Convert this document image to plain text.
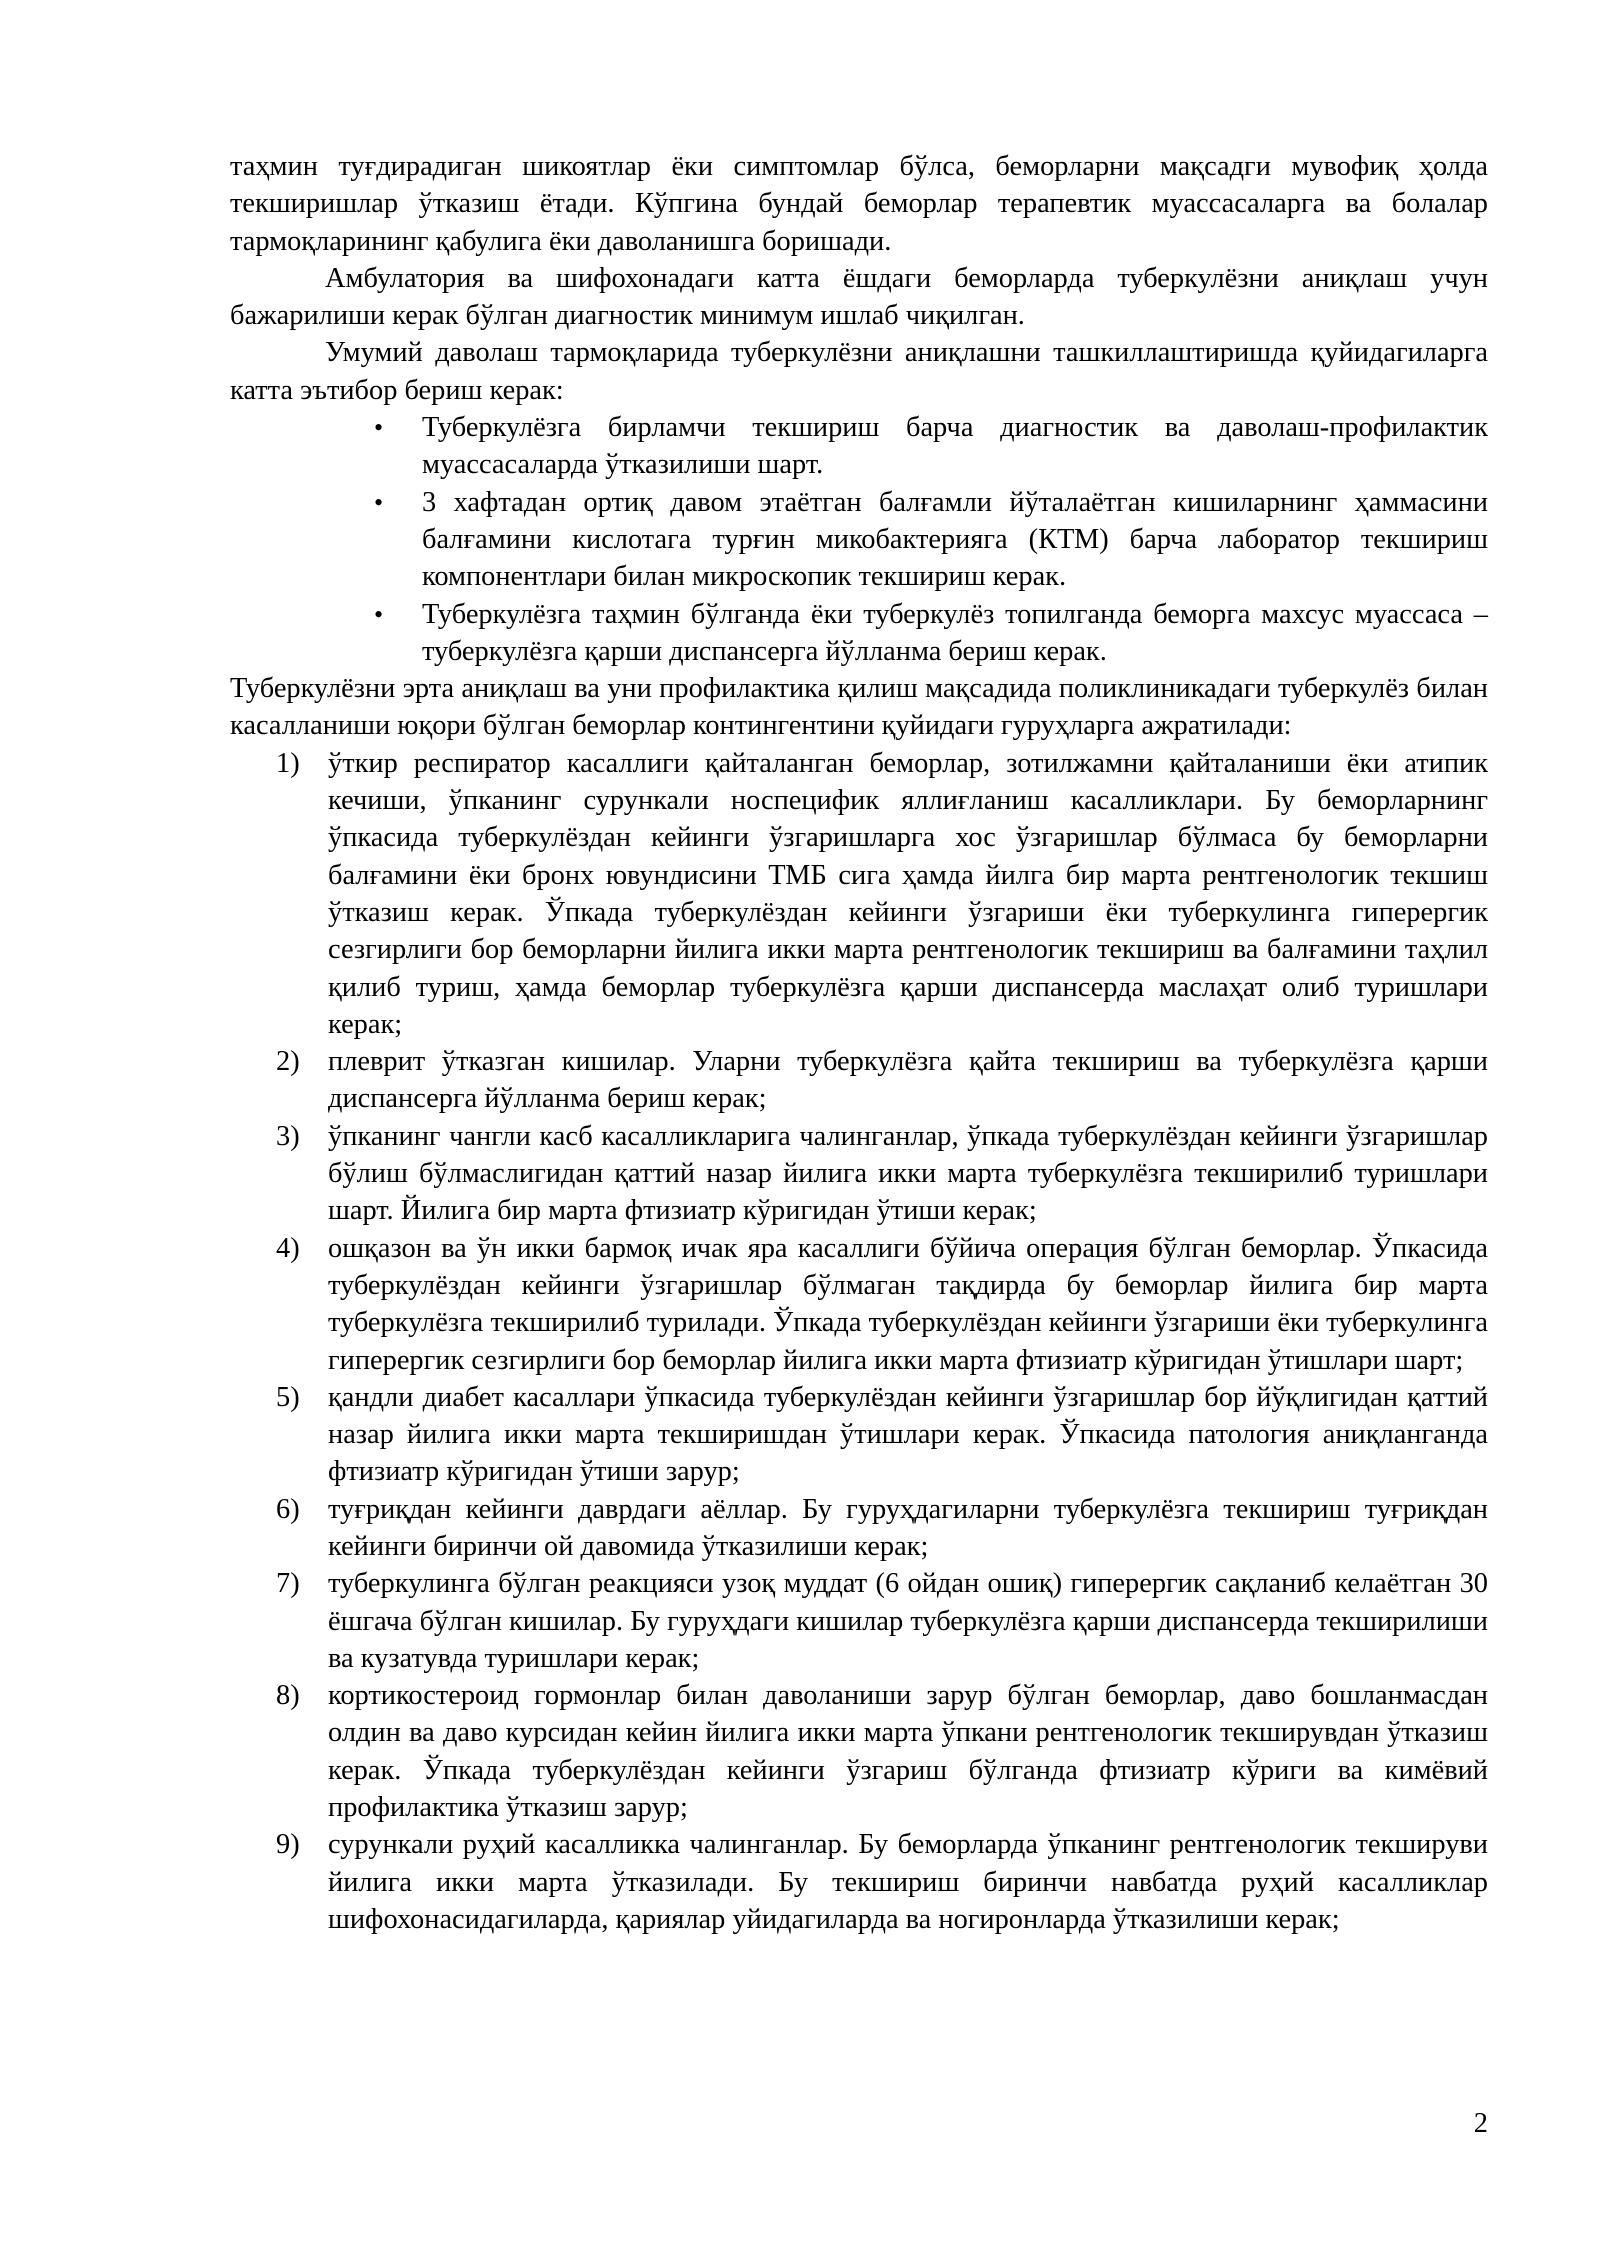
таҳмин туғдирадиган шикоятлар ёки симптомлар бўлса, беморларни мақсадги мувофиқ ҳолда текширишлар ўтказиш ётади. Кўпгина бундай беморлар терапевтик муассасаларга ва болалар тармоқларининг қабулига ёки даволанишга боришади.

Амбулатория ва шифохонадаги катта ёшдаги беморларда туберкулёзни аниқлаш учун бажарилиши керак бўлган диагностик минимум ишлаб чиқилган.

Умумий даволаш тармоқларида туберкулёзни аниқлашни ташкиллаштиришда қуйидагиларга катта эътибор бериш керак:

• Туберкулёзга бирламчи текшириш барча диагностик ва даволаш-профилактик муассасаларда ўтказилиши шарт.
• 3 хафтадан ортиқ давом этаётган балғамли йўталаётган кишиларнинг ҳаммасини балғамини кислотага турғин микобактерияга (КТМ) барча лаборатор текшириш компонентлари билан микроскопик текшириш керак.
• Туберкулёзга таҳмин бўлганда ёки туберкулёз топилганда беморга махсус муассаса – туберкулёзга қарши диспансерга йўлланма бериш керак.

Туберкулёзни эрта аниқлаш ва уни профилактика қилиш мақсадида поликлиникадаги туберкулёз билан касалланиши юқори бўлган беморлар контингентини қуйидаги гуруҳларга ажратилади:

1) ўткир респиратор касаллиги қайталанган беморлар, зотилжамни қайталаниши ёки атипик кечиши, ўпканинг сурункали носпецифик яллиғланиш касалликлари. Бу беморларнинг ўпкасида туберкулёздан кейинги ўзгаришларга хос ўзгаришлар бўлмаса бу беморларни балғамини ёки бронх ювундисини ТМБ сига ҳамда йилга бир марта рентгенологик текшиш ўтказиш керак. Ўпкада туберкулёздан кейинги ўзгариши ёки туберкулинга гиперергик сезгирлиги бор беморларни йилига икки марта рентгенологик текшириш ва балғамини таҳлил қилиб туриш, ҳамда беморлар туберкулёзга қарши диспансерда маслаҳат олиб туришлари керак;
2) плеврит ўтказган кишилар. Уларни туберкулёзга қайта текшириш ва туберкулёзга қарши диспансерга йўлланма бериш керак;
3) ўпканинг чангли касб касалликларига чалинганлар, ўпкада туберкулёздан кейинги ўзгаришлар бўлиш бўлмаслигидан қаттий назар йилига икки марта туберкулёзга текширилиб туришлари шарт. Йилига бир марта фтизиатр кўригидан ўтиши керак;
4) ошқазон ва ўн икки бармоқ ичак яра касаллиги бўйича операция бўлган беморлар. Ўпкасида туберкулёздан кейинги ўзгаришлар бўлмаган тақдирда бу беморлар йилига бир марта туберкулёзга текширилиб турилади. Ўпкада туберкулёздан кейинги ўзгариши ёки туберкулинга гиперергик сезгирлиги бор беморлар йилига икки марта фтизиатр кўригидан ўтишлари шарт;
5) қандли диабет касаллари ўпкасида туберкулёздан кейинги ўзгаришлар бор йўқлигидан қаттий назар йилига икки марта текширишдан ўтишлари керак. Ўпкасида патология аниқланганда фтизиатр кўригидан ўтиши зарур;
6) туғриқдан кейинги даврдаги аёллар. Бу гуруҳдагиларни туберкулёзга текшириш туғриқдан кейинги биринчи ой давомида ўтказилиши керак;
7) туберкулинга бўлган реакцияси узоқ муддат (6 ойдан ошиқ) гиперергик сақланиб келаётган 30 ёшгача бўлган кишилар. Бу гуруҳдаги кишилар туберкулёзга қарши диспансерда текширилиши ва кузатувда туришлари керак;
8) кортикостероид гормонлар билан даволаниши зарур бўлган беморлар, даво бошланмасдан олдин ва даво курсидан кейин йилига икки марта ўпкани рентгенологик текширувдан ўтказиш керак. Ўпкада туберкулёздан кейинги ўзгариш бўлганда фтизиатр кўриги ва кимёвий профилактика ўтказиш зарур;
9) сурункали руҳий касалликка чалинганлар. Бу беморларда ўпканинг рентгенологик текшируви йилига икки марта ўтказилади. Бу текшириш биринчи навбатда руҳий касалликлар шифохонасидагиларда, қариялар уйидагиларда ва ногиронларда ўтказилиши керак;
2
